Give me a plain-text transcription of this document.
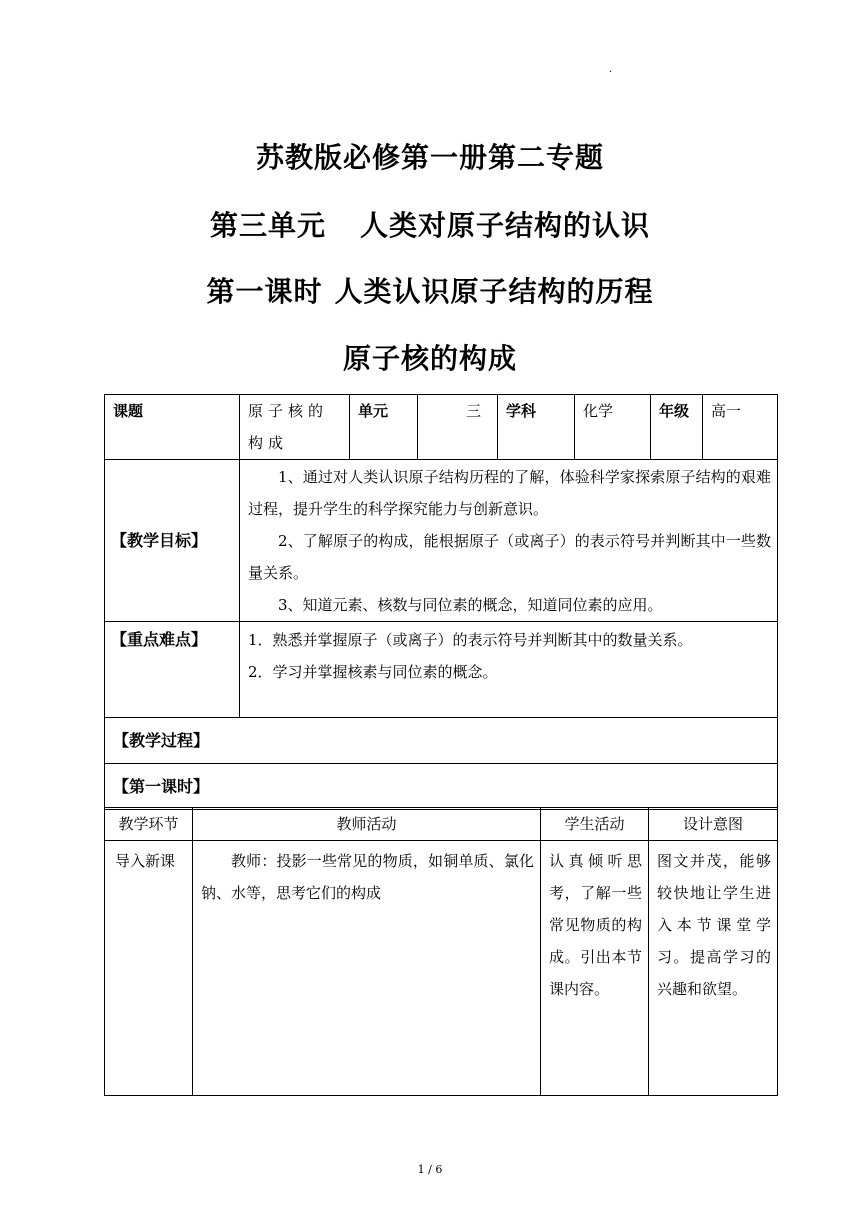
.
苏教版必修第一册第二专题
第三单元 人类对原子结构的认识
第一课时 人类认识原子结构的历程
原子核的构成
课题	原子核的构成	单元	三	学科	化学	年级	高一
【教学目标】	1、通过对人类认识原子结构历程的了解，体验科学家探索原子结构的艰难过程，提升学生的科学探究能力与创新意识。
2、了解原子的构成，能根据原子（或离子）的表示符号并判断其中一些数量关系。
3、知道元素、核数与同位素的概念，知道同位素的应用。						

【重点难点】	1．熟悉并掌握原子（或离子）的表示符号并判断其中的数量关系。
2．学习并掌握核素与同位素的概念。						

【教学过程】							
【第一课时】							
教学环节	教师活动	学生活动	设计意图
导入新课	教师：投影一些常见的物质，如铜单质、氯化钠、水等，思考它们的构成	认真倾听思考，了解一些常见物质的构成。引出本节课内容。	图文并茂，能够较快地让学生进入本节课堂学习。提高学习的兴趣和欲望。
1 / 6
